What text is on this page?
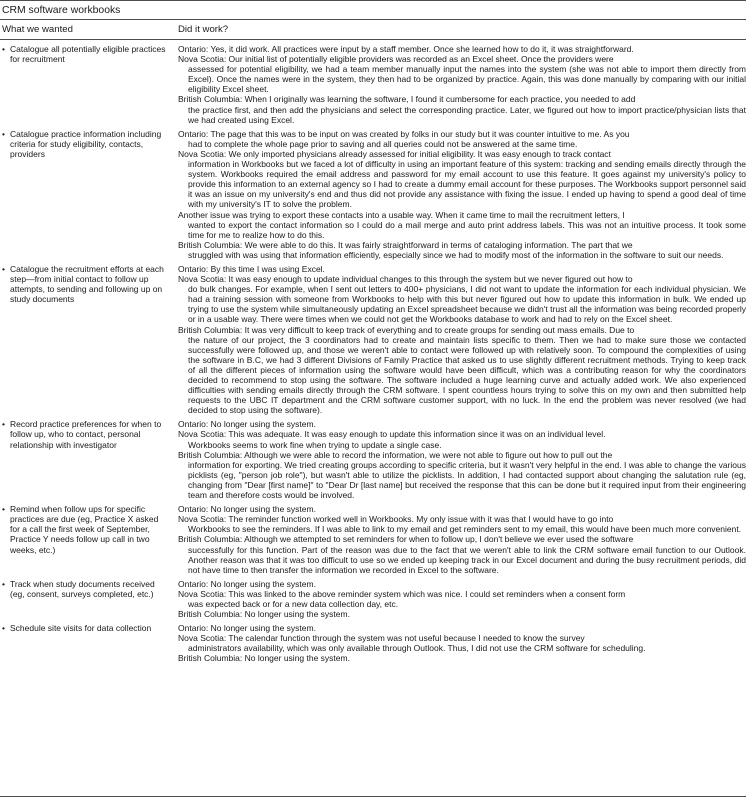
CRM software workbooks
What we wanted	Did it work?
• Catalogue all potentially eligible practices for recruitment
Ontario: Yes, it did work. All practices were input by a staff member. Once she learned how to do it, it was straightforward.
Nova Scotia: Our initial list of potentially eligible providers was recorded as an Excel sheet. Once the providers were
assessed for potential eligibility, we had a team member manually input the names into the system (she was not able to import them directly from Excel). Once the names were in the system, they then had to be organized by practice. Again, this was done manually by comparing with our initial eligibility Excel sheet.
British Columbia: When I originally was learning the software, I found it cumbersome for each practice, you needed to add
the practice first, and then add the physicians and select the corresponding practice. Later, we figured out how to import practice/physician lists that we had created using Excel.
• Catalogue practice information including criteria for study eligibility, contacts, providers
Ontario: The page that this was to be input on was created by folks in our study but it was counter intuitive to me. As you
had to complete the whole page prior to saving and all queries could not be answered at the same time.
Nova Scotia: We only imported physicians already assessed for initial eligibility. It was easy enough to track contact
information in Workbooks but we faced a lot of difficulty in using an important feature of this system: tracking and sending emails directly through the system. Workbooks required the email address and password for my email account to use this feature. It goes against my university's policy to provide this information to an external agency so I had to create a dummy email account for these purposes. The Workbooks support personnel said it was an issue on my university's end and thus did not provide any assistance with fixing the issue. I ended up having to spend a good deal of time with my university's IT to solve the problem.
Another issue was trying to export these contacts into a usable way. When it came time to mail the recruitment letters, I
wanted to export the contact information so I could do a mail merge and auto print address labels. This was not an intuitive process. It took some time for me to realize how to do this.
British Columbia: We were able to do this. It was fairly straightforward in terms of cataloging information. The part that we
struggled with was using that information efficiently, especially since we had to modify most of the information in the software to suit our needs.
• Catalogue the recruitment efforts at each step—from initial contact to follow up attempts, to sending and following up on study documents
Ontario: By this time I was using Excel.
Nova Scotia: It was easy enough to update individual changes to this through the system but we never figured out how to
do bulk changes. For example, when I sent out letters to 400+ physicians, I did not want to update the information for each individual physician. We had a training session with someone from Workbooks to help with this but never figured out how to update this information in bulk. We ended up trying to use the system while simultaneously updating an Excel spreadsheet because we didn't trust all the information was being recorded properly or in a usable way. There were times when we could not get the Workbooks database to work and had to rely on the Excel sheet.
British Columbia: It was very difficult to keep track of everything and to create groups for sending out mass emails. Due to
the nature of our project, the 3 coordinators had to create and maintain lists specific to them. Then we had to make sure those we contacted successfully were followed up, and those we weren't able to contact were followed up with relatively soon. To compound the complexities of using the software in B.C, we had 3 different Divisions of Family Practice that asked us to use slightly different recruitment methods. Trying to keep track of all the different pieces of information using the software would have been difficult, which was a contributing reason for why the coordinators decided to recommend to stop using the software. The software included a huge learning curve and actually added work. We also experienced difficulties with sending emails directly through the CRM software. I spent countless hours trying to solve this on my own and then submitted help requests to the UBC IT department and the CRM software customer support, with no luck. In the end the problem was never resolved (we had decided to stop using the software).
• Record practice preferences for when to follow up, who to contact, personal relationship with investigator
Ontario: No longer using the system.
Nova Scotia: This was adequate. It was easy enough to update this information since it was on an individual level.
Workbooks seems to work fine when trying to update a single case.
British Columbia: Although we were able to record the information, we were not able to figure out how to pull out the
information for exporting. We tried creating groups according to specific criteria, but it wasn't very helpful in the end. I was able to change the various picklists (eg, "person job role"), but wasn't able to utilize the picklists. In addition, I had contacted support about changing the salutation rule (eg, changing from "Dear [first name]" to "Dear Dr [last name] but received the response that this can be done but it required input from their engineering team and therefore costs would be involved.
• Remind when follow ups for specific practices are due (eg, Practice X asked for a call the first week of September, Practice Y needs follow up call in two weeks, etc.)
Ontario: No longer using the system.
Nova Scotia: The reminder function worked well in Workbooks. My only issue with it was that I would have to go into
Workbooks to see the reminders. If I was able to link to my email and get reminders sent to my email, this would have been much more convenient.
British Columbia: Although we attempted to set reminders for when to follow up, I don't believe we ever used the software
successfully for this function. Part of the reason was due to the fact that we weren't able to link the CRM software email function to our Outlook. Another reason was that it was too difficult to use so we ended up keeping track in our Excel document and during the busy recruitment periods, did not have time to then transfer the information we recorded in Excel to the software.
• Track when study documents received (eg, consent, surveys completed, etc.)
Ontario: No longer using the system.
Nova Scotia: This was linked to the above reminder system which was nice. I could set reminders when a consent form
was expected back or for a new data collection day, etc.
British Columbia: No longer using the system.
• Schedule site visits for data collection	Ontario: No longer using the system.
Nova Scotia: The calendar function through the system was not useful because I needed to know the survey
administrators availability, which was only available through Outlook. Thus, I did not use the CRM software for scheduling.
British Columbia: No longer using the system.
